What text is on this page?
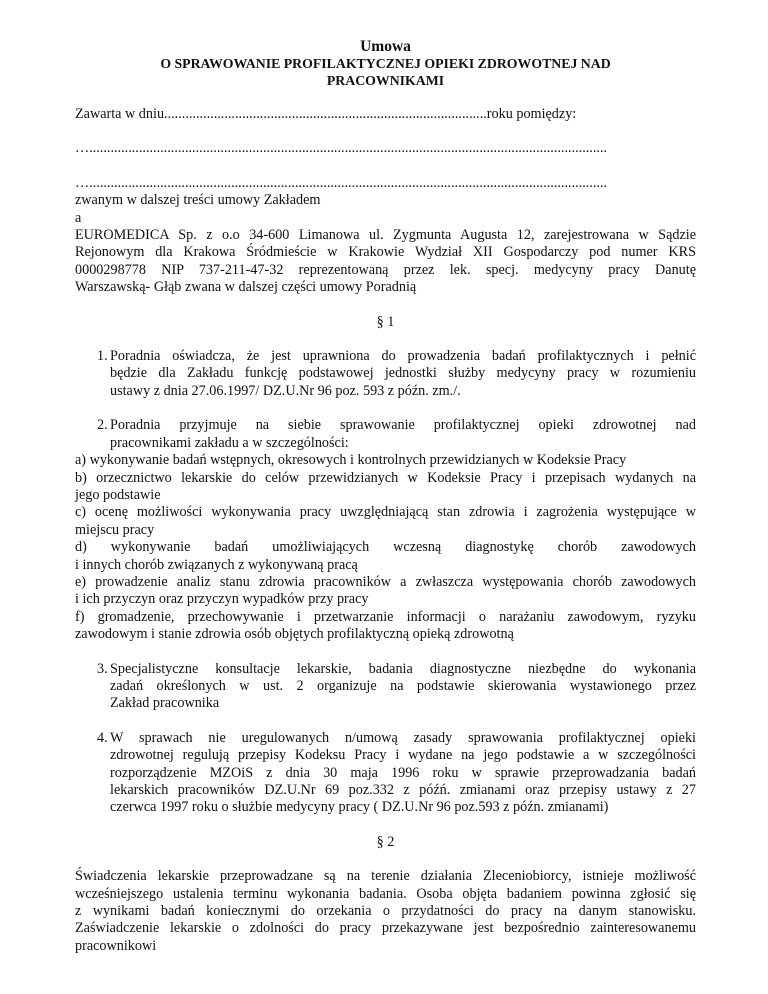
Umowa
O SPRAWOWANIE PROFILAKTYCZNEJ OPIEKI ZDROWOTNEJ NAD
PRACOWNIKAMI

Zawarta w dniu...........................................................................................roku pomiędzy:

…..................................................................................................................................................

…..................................................................................................................................................

zwanym w dalszej treści umowy Zakładem

a

EUROMEDICA Sp. z o.o 34-600 Limanowa ul. Zygmunta Augusta 12, zarejestrowana w Sądzie

Rejonowym dla Krakowa Śródmieście w Krakowie Wydział XII Gospodarczy pod numer KRS

0000298778 NIP 737-211-47-32 reprezentowaną przez lek. specj. medycyny pracy Danutę

Warszawską- Głąb zwana w dalszej części umowy Poradnią

§ 1

1. Poradnia oświadcza, że jest uprawniona do prowadzenia badań profilaktycznych i pełnić

będzie dla Zakładu funkcję podstawowej jednostki służby medycyny pracy w rozumieniu

ustawy z dnia 27.06.1997/ DZ.U.Nr 96 poz. 593 z późn. zm./.

2. Poradnia przyjmuje na siebie sprawowanie profilaktycznej opieki zdrowotnej nad

pracownikami zakładu a w szczególności:

a) wykonywanie badań wstępnych, okresowych i kontrolnych przewidzianych w Kodeksie Pracy

b) orzecznictwo lekarskie do celów przewidzianych w Kodeksie Pracy i przepisach wydanych na

jego podstawie

c) ocenę możliwości wykonywania pracy uwzględniającą stan zdrowia i zagrożenia występujące w

miejscu pracy

d) wykonywanie badań umożliwiających wczesną diagnostykę chorób zawodowych

i innych chorób związanych z wykonywaną pracą

e) prowadzenie analiz stanu zdrowia pracowników a zwłaszcza występowania chorób zawodowych

i ich przyczyn oraz przyczyn wypadków przy pracy

f) gromadzenie, przechowywanie i przetwarzanie informacji o narażaniu zawodowym, ryzyku

zawodowym i stanie zdrowia osób objętych profilaktyczną opieką zdrowotną

3. Specjalistyczne konsultacje lekarskie, badania diagnostyczne niezbędne do wykonania

zadań określonych w ust. 2 organizuje na podstawie skierowania wystawionego przez

Zakład pracownika

4. W sprawach nie uregulowanych n/umową zasady sprawowania profilaktycznej opieki

zdrowotnej regulują przepisy Kodeksu Pracy i wydane na jego podstawie a w szczególności

rozporządzenie MZOiS z dnia 30 maja 1996 roku w sprawie przeprowadzania badań

lekarskich pracowników DZ.U.Nr 69 poz.332 z późń. zmianami oraz przepisy ustawy z 27

czerwca 1997 roku o służbie medycyny pracy ( DZ.U.Nr 96 poz.593 z późn. zmianami)

§ 2

Świadczenia lekarskie przeprowadzane są na terenie działania Zleceniobiorcy, istnieje możliwość

wcześniejszego ustalenia terminu wykonania badania. Osoba objęta badaniem powinna zgłosić się

z wynikami badań koniecznymi do orzekania o przydatności do pracy na danym stanowisku.

Zaświadczenie lekarskie o zdolności do pracy przekazywane jest bezpośrednio zainteresowanemu

pracownikowi
